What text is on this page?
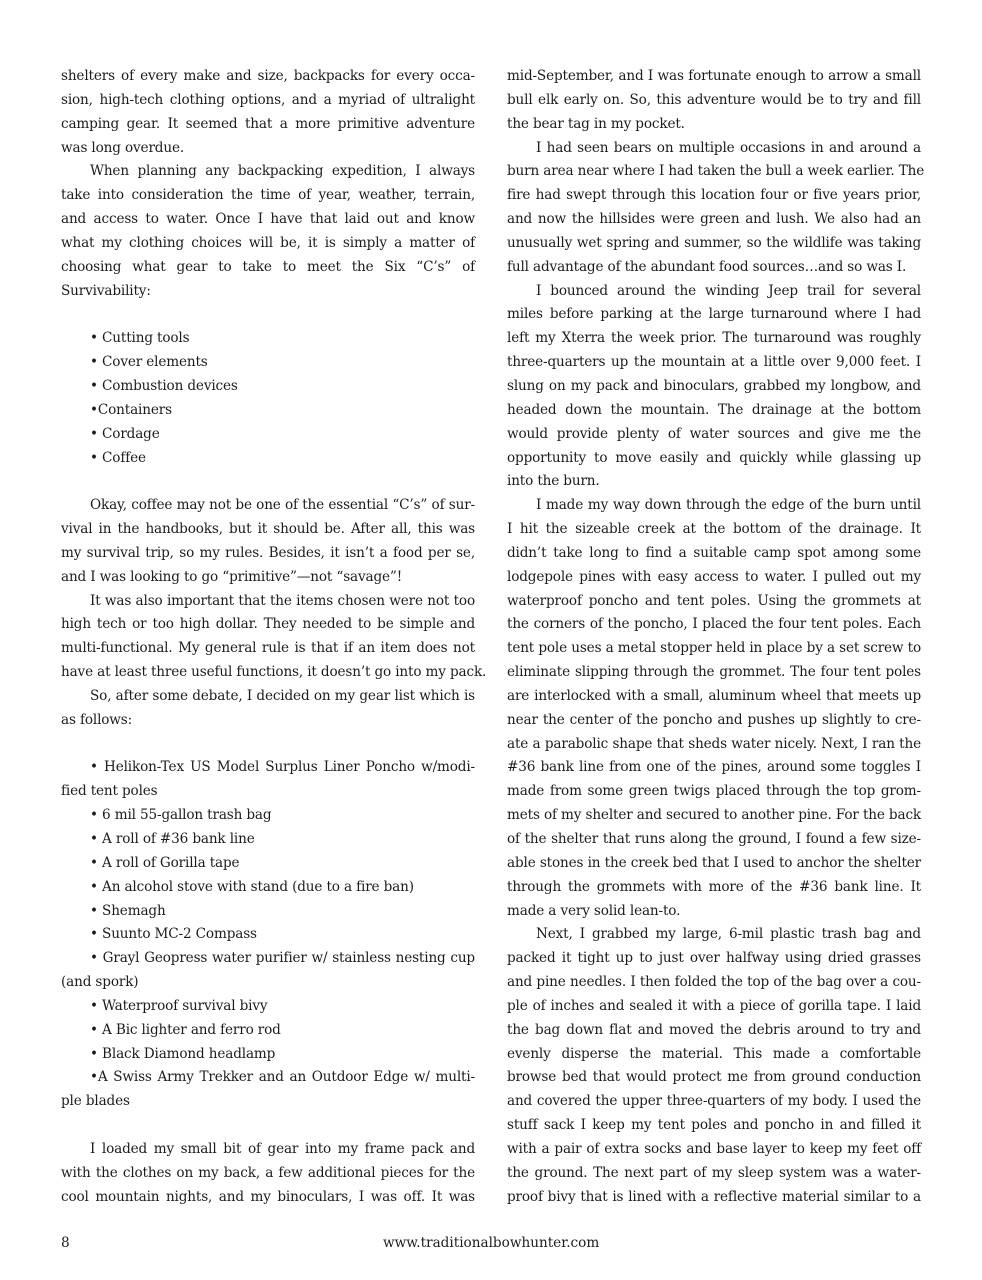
shelters of every make and size, backpacks for every occa-
sion, high-tech clothing options, and a myriad of ultralight
camping gear. It seemed that a more primitive adventure
was long overdue.
When planning any backpacking expedition, I always
take into consideration the time of year, weather, terrain,
and access to water. Once I have that laid out and know
what my clothing choices will be, it is simply a matter of
choosing what gear to take to meet the Six “C’s” of
Survivability:
• Cutting tools
• Cover elements
• Combustion devices
•Containers
• Cordage
• Coffee
Okay, coffee may not be one of the essential “C’s” of sur-
vival in the handbooks, but it should be. After all, this was
my survival trip, so my rules. Besides, it isn’t a food per se,
and I was looking to go “primitive”—not “savage”!
It was also important that the items chosen were not too
high tech or too high dollar. They needed to be simple and
multi-functional. My general rule is that if an item does not
have at least three useful functions, it doesn’t go into my pack.
So, after some debate, I decided on my gear list which is
as follows:
• Helikon-Tex US Model Surplus Liner Poncho w/modi-
fied tent poles
• 6 mil 55-gallon trash bag
• A roll of #36 bank line
• A roll of Gorilla tape
• An alcohol stove with stand (due to a fire ban)
• Shemagh
• Suunto MC-2 Compass
• Grayl Geopress water purifier w/ stainless nesting cup
(and spork)
• Waterproof survival bivy
• A Bic lighter and ferro rod
• Black Diamond headlamp
•A Swiss Army Trekker and an Outdoor Edge w/ multi-
ple blades
I loaded my small bit of gear into my frame pack and
with the clothes on my back, a few additional pieces for the
cool mountain nights, and my binoculars, I was off. It was
mid-September, and I was fortunate enough to arrow a small
bull elk early on. So, this adventure would be to try and fill
the bear tag in my pocket.
I had seen bears on multiple occasions in and around a
burn area near where I had taken the bull a week earlier. The
fire had swept through this location four or five years prior,
and now the hillsides were green and lush. We also had an
unusually wet spring and summer, so the wildlife was taking
full advantage of the abundant food sources…and so was I.
I bounced around the winding Jeep trail for several
miles before parking at the large turnaround where I had
left my Xterra the week prior. The turnaround was roughly
three-quarters up the mountain at a little over 9,000 feet. I
slung on my pack and binoculars, grabbed my longbow, and
headed down the mountain. The drainage at the bottom
would provide plenty of water sources and give me the
opportunity to move easily and quickly while glassing up
into the burn.
I made my way down through the edge of the burn until
I hit the sizeable creek at the bottom of the drainage. It
didn’t take long to find a suitable camp spot among some
lodgepole pines with easy access to water. I pulled out my
waterproof poncho and tent poles. Using the grommets at
the corners of the poncho, I placed the four tent poles. Each
tent pole uses a metal stopper held in place by a set screw to
eliminate slipping through the grommet. The four tent poles
are interlocked with a small, aluminum wheel that meets up
near the center of the poncho and pushes up slightly to cre-
ate a parabolic shape that sheds water nicely. Next, I ran the
#36 bank line from one of the pines, around some toggles I
made from some green twigs placed through the top grom-
mets of my shelter and secured to another pine. For the back
of the shelter that runs along the ground, I found a few size-
able stones in the creek bed that I used to anchor the shelter
through the grommets with more of the #36 bank line. It
made a very solid lean-to.
Next, I grabbed my large, 6-mil plastic trash bag and
packed it tight up to just over halfway using dried grasses
and pine needles. I then folded the top of the bag over a cou-
ple of inches and sealed it with a piece of gorilla tape. I laid
the bag down flat and moved the debris around to try and
evenly disperse the material. This made a comfortable
browse bed that would protect me from ground conduction
and covered the upper three-quarters of my body. I used the
stuff sack I keep my tent poles and poncho in and filled it
with a pair of extra socks and base layer to keep my feet off
the ground. The next part of my sleep system was a water-
proof bivy that is lined with a reflective material similar to a
8	www.traditionalbowhunter.com
